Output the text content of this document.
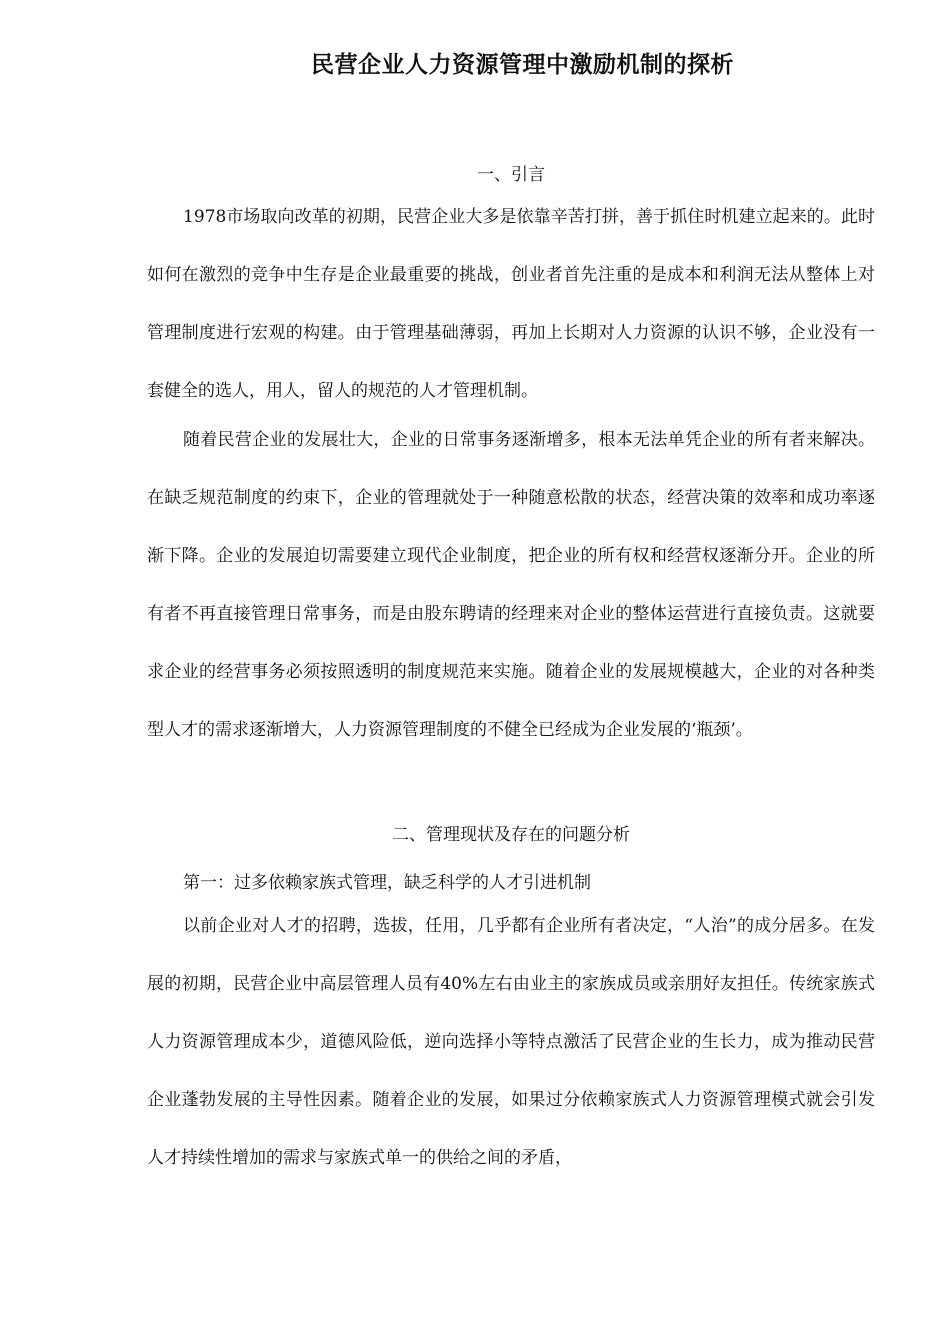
民营企业人力资源管理中激励机制的探析
一、引言

1978市场取向改革的初期，民营企业大多是依靠辛苦打拼，善于抓住时机建立起来的。此时如何在激烈的竞争中生存是企业最重要的挑战，创业者首先注重的是成本和利润无法从整体上对管理制度进行宏观的构建。由于管理基础薄弱，再加上长期对人力资源的认识不够，企业没有一套健全的选人，用人，留人的规范的人才管理机制。

随着民营企业的发展壮大，企业的日常事务逐渐增多，根本无法单凭企业的所有者来解决。在缺乏规范制度的约束下，企业的管理就处于一种随意松散的状态，经营决策的效率和成功率逐渐下降。企业的发展迫切需要建立现代企业制度，把企业的所有权和经营权逐渐分开。企业的所有者不再直接管理日常事务，而是由股东聘请的经理来对企业的整体运营进行直接负责。这就要求企业的经营事务必须按照透明的制度规范来实施。随着企业的发展规模越大，企业的对各种类型人才的需求逐渐增大，人力资源管理制度的不健全已经成为企业发展的‘瓶颈’。

二、管理现状及存在的问题分析
第一：过多依赖家族式管理，缺乏科学的人才引进机制

以前企业对人才的招聘，选拔，任用，几乎都有企业所有者决定，“人治”的成分居多。在发展的初期，民营企业中高层管理人员有40%左右由业主的家族成员或亲朋好友担任。传统家族式人力资源管理成本少，道德风险低，逆向选择小等特点激活了民营企业的生长力，成为推动民营企业蓬勃发展的主导性因素。随着企业的发展，如果过分依赖家族式人力资源管理模式就会引发人才持续性增加的需求与家族式单一的供给之间的矛盾，
